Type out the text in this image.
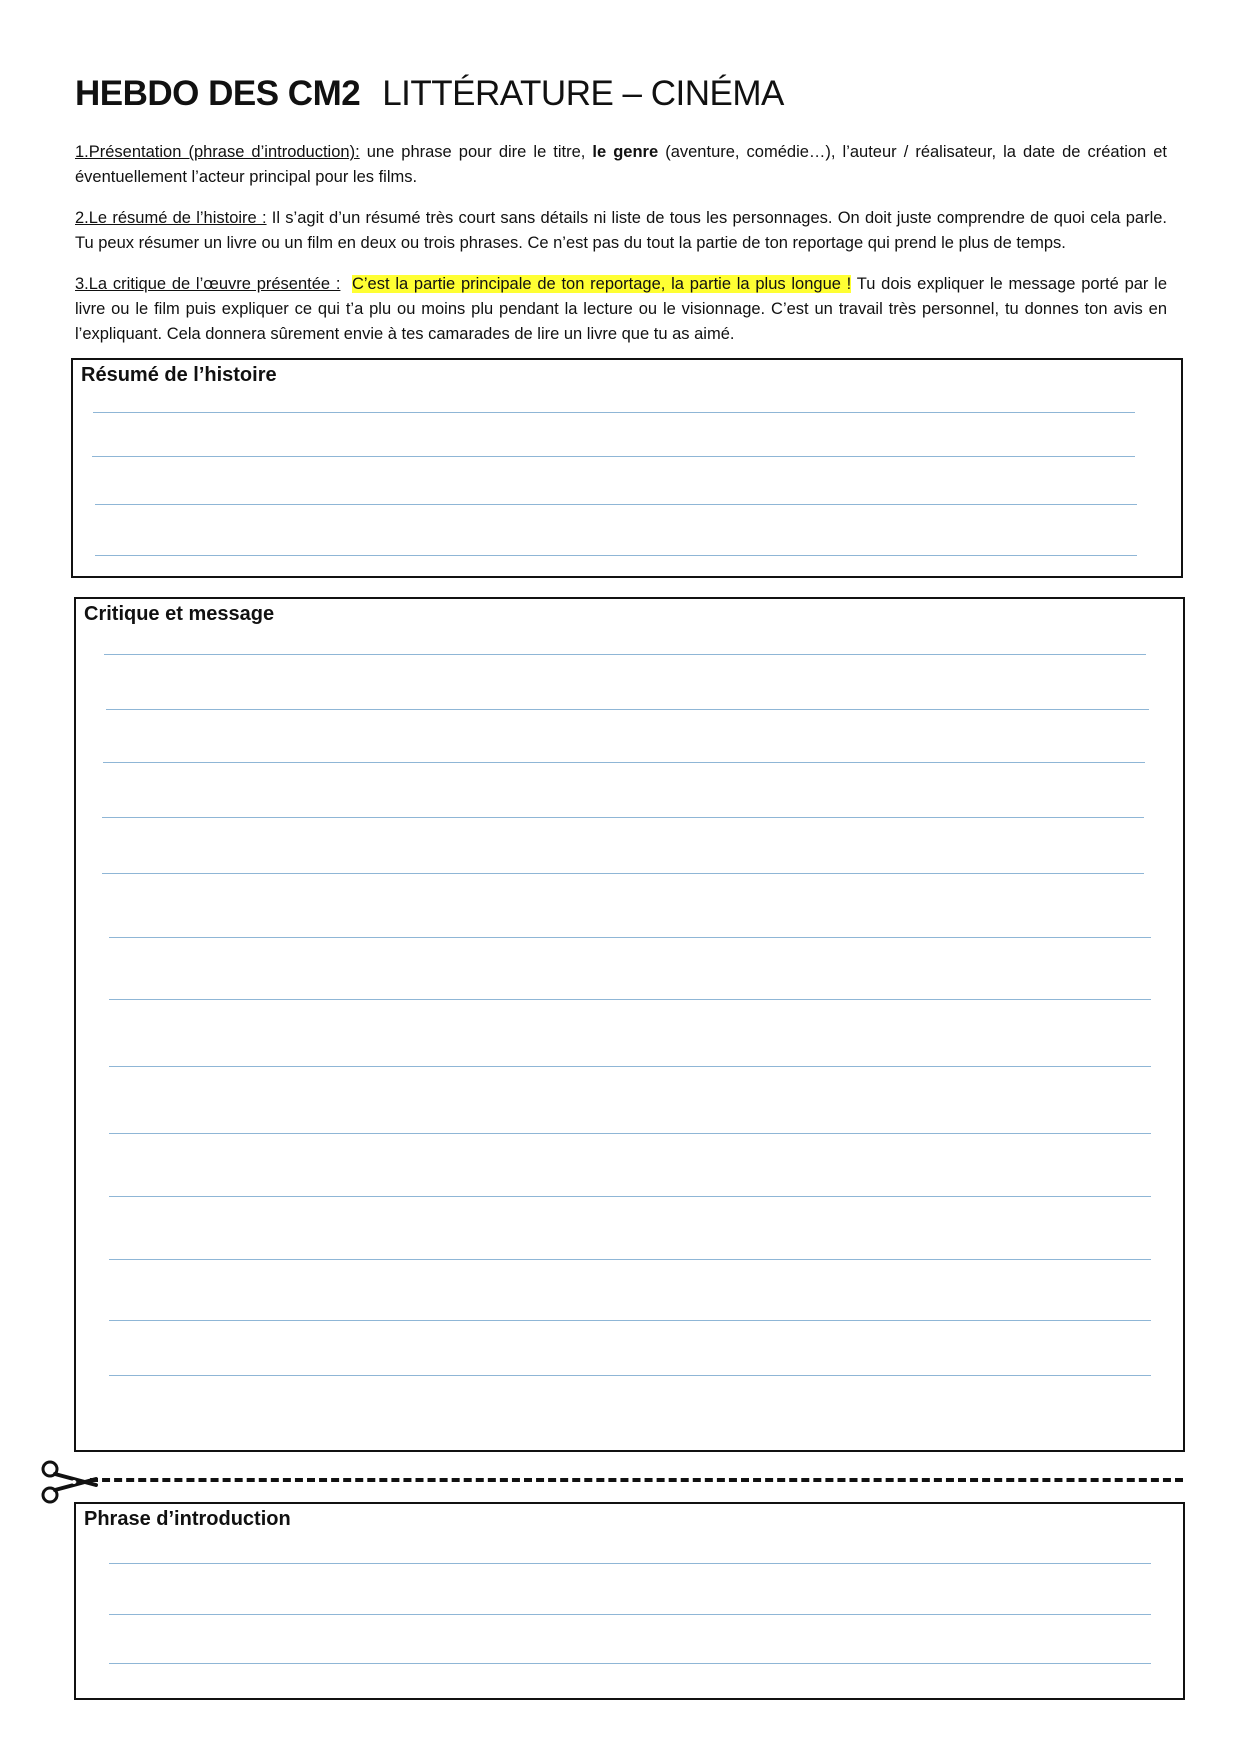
HEBDO DES CM2 LITTÉRATURE – CINÉMA
1.Présentation (phrase d’introduction): une phrase pour dire le titre, le genre (aventure, comédie…), l’auteur / réalisateur, la date de création et éventuellement l’acteur principal pour les films.
2.Le résumé de l’histoire : Il s’agit d’un résumé très court sans détails ni liste de tous les personnages. On doit juste comprendre de quoi cela parle. Tu peux résumer un livre ou un film en deux ou trois phrases. Ce n’est pas du tout la partie de ton reportage qui prend le plus de temps.
3.La critique de l’œuvre présentée : C’est la partie principale de ton reportage, la partie la plus longue ! Tu dois expliquer le message porté par le livre ou le film puis expliquer ce qui t’a plu ou moins plu pendant la lecture ou le visionnage. C’est un travail très personnel, tu donnes ton avis en l’expliquant. Cela donnera sûrement envie à tes camarades de lire un livre que tu as aimé.
Résumé de l’histoire
Critique et message
Phrase d’introduction
